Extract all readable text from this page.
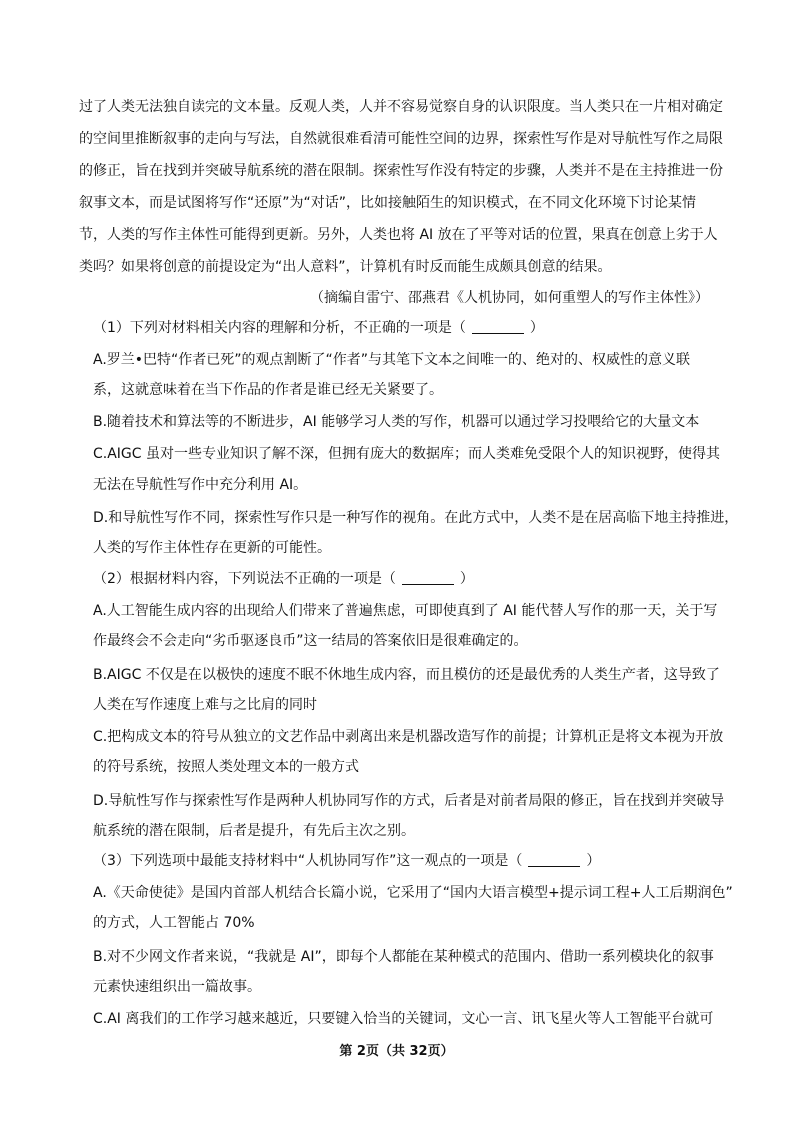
过了人类无法独自读完的文本量。反观人类，人并不容易觉察自身的认识限度。当人类只在一片相对确定
的空间里推断叙事的走向与写法，自然就很难看清可能性空间的边界，探索性写作是对导航性写作之局限
的修正，旨在找到并突破导航系统的潜在限制。探索性写作没有特定的步骤，人类并不是在主持推进一份
叙事文本，而是试图将写作“还原”为“对话”，比如接触陌生的知识模式，在不同文化环境下讨论某情
节，人类的写作主体性可能得到更新。另外，人类也将 AI 放在了平等对话的位置，果真在创意上劣于人
类吗？如果将创意的前提设定为“出人意料”，计算机有时反而能生成颇具创意的结果。
（摘编自雷宁、邵燕君《人机协同，如何重塑人的写作主体性》）
（1）下列对材料相关内容的理解和分析，不正确的一项是（	）
A.罗兰•巴特“作者已死”的观点割断了“作者”与其笔下文本之间唯一的、绝对的、权威性的意义联
系，这就意味着在当下作品的作者是谁已经无关紧要了。
B.随着技术和算法等的不断进步，AI 能够学习人类的写作，机器可以通过学习投喂给它的大量文本
C.AIGC 虽对一些专业知识了解不深，但拥有庞大的数据库；而人类难免受限个人的知识视野，使得其
无法在导航性写作中充分利用 AI。
D.和导航性写作不同，探索性写作只是一种写作的视角。在此方式中，人类不是在居高临下地主持推进，
人类的写作主体性存在更新的可能性。
（2）根据材料内容，下列说法不正确的一项是（	）
A.人工智能生成内容的出现给人们带来了普遍焦虑，可即使真到了 AI 能代替人写作的那一天，关于写
作最终会不会走向“劣币驱逐良币”这一结局的答案依旧是很难确定的。
B.AIGC 不仅是在以极快的速度不眠不休地生成内容，而且模仿的还是最优秀的人类生产者，这导致了
人类在写作速度上难与之比肩的同时
C.把构成文本的符号从独立的文艺作品中剥离出来是机器改造写作的前提；计算机正是将文本视为开放
的符号系统，按照人类处理文本的一般方式
D.导航性写作与探索性写作是两种人机协同写作的方式，后者是对前者局限的修正，旨在找到并突破导
航系统的潜在限制，后者是提升，有先后主次之别。
（3）下列选项中最能支持材料中“人机协同写作”这一观点的一项是（	）
A.《天命使徒》是国内首部人机结合长篇小说，它采用了“国内大语言模型+提示词工程+人工后期润色”
的方式，人工智能占 70%
B.对不少网文作者来说，“我就是 AI”，即每个人都能在某种模式的范围内、借助一系列模块化的叙事
元素快速组织出一篇故事。
C.AI 离我们的工作学习越来越近，只要键入恰当的关键词，文心一言、讯飞星火等人工智能平台就可
第 2页（共 32页）
